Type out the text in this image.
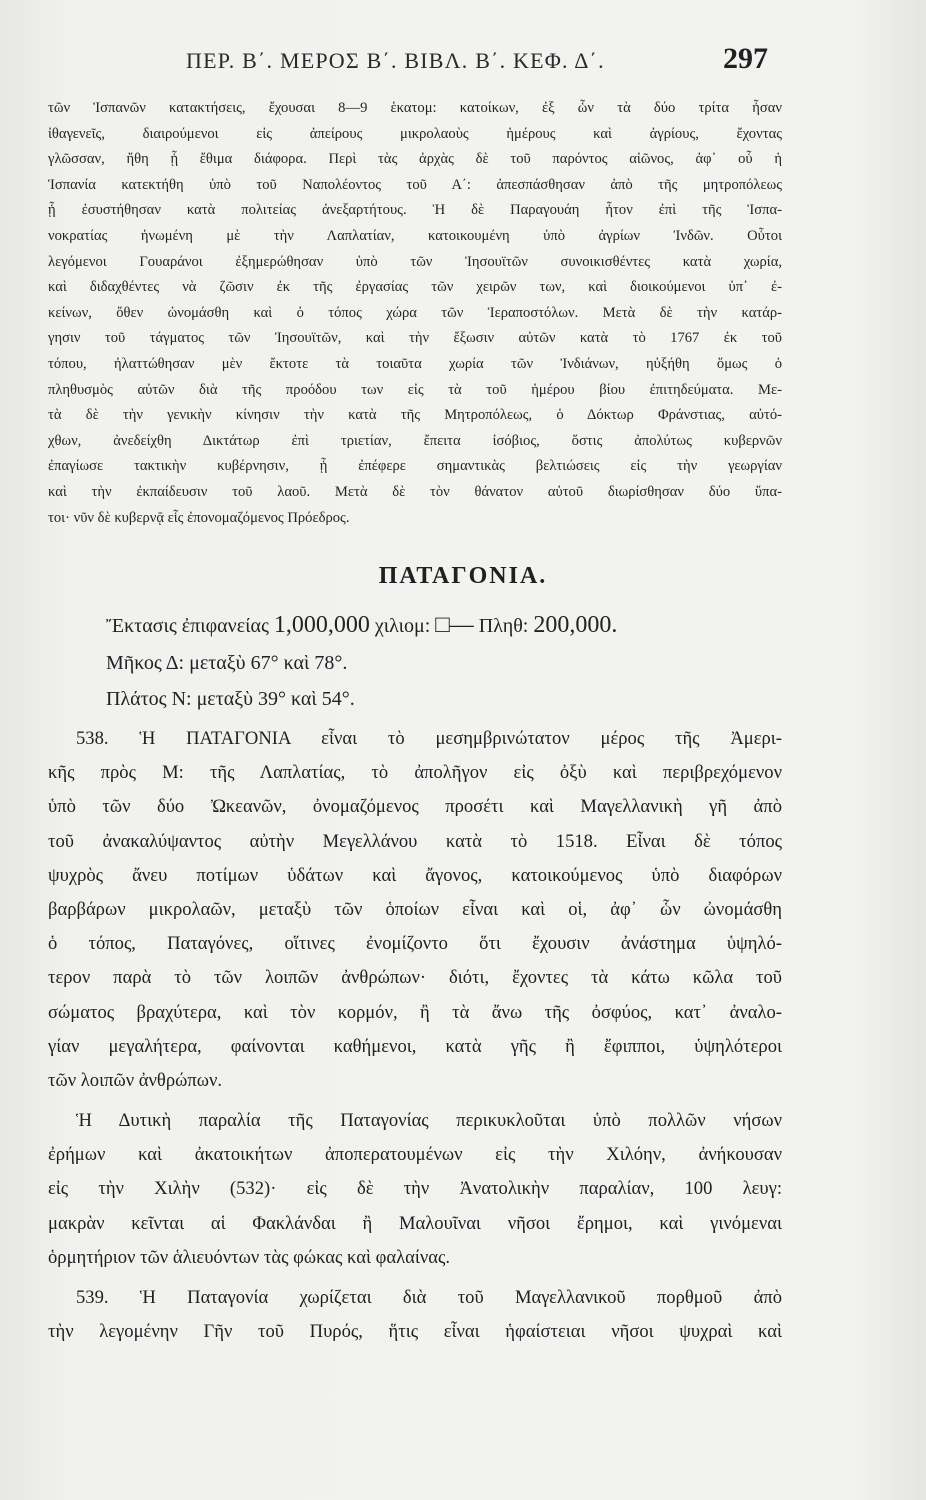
ΠΕΡ. Β΄. ΜΕΡΟΣ Β΄. ΒΙΒΛ. Β΄. ΚΕΦ. Δ΄.	297
τῶν Ἱσπανῶν κατακτήσεις, ἔχουσαι 8—9 ἑκατομ: κατοίκων, ἐξ ὧν τὰ δύο τρίτα ἦσαν
ἰθαγενεῖς, διαιρούμενοι εἰς ἀπείρους μικρολαοὺς ἡμέρους καὶ ἀγρίους, ἔχοντας
γλῶσσαν, ἤθη ᾗ ἔθιμα διάφορα. Περὶ τὰς ἀρχὰς δὲ τοῦ παρόντος αἰῶνος, ἀφ᾽ οὗ ἡ
Ἱσπανία κατεκτήθη ὑπὸ τοῦ Ναπολέοντος τοῦ Α΄: ἀπεσπάσθησαν ἀπὸ τῆς μητροπόλεως
ᾗ ἐσυστήθησαν κατὰ πολιτείας ἀνεξαρτήτους. Ἡ δὲ Παραγουάη ἦτον ἐπὶ τῆς Ἱσπα-
νοκρατίας ἡνωμένη μὲ τὴν Λαπλατίαν, κατοικουμένη ὑπὸ ἀγρίων Ἰνδῶν. Οὗτοι
λεγόμενοι Γουαράνοι ἐξημερώθησαν ὑπὸ τῶν Ἰησουϊτῶν συνοικισθέντες κατὰ χωρία,
καὶ διδαχθέντες νὰ ζῶσιν ἐκ τῆς ἐργασίας τῶν χειρῶν των, καὶ διοικούμενοι ὑπ᾽ ἐ-
κείνων, ὅθεν ὠνομάσθη καὶ ὁ τόπος χώρα τῶν Ἱεραποστόλων. Μετὰ δὲ τὴν κατάρ-
γησιν τοῦ τάγματος τῶν Ἰησουϊτῶν, καὶ τὴν ἔξωσιν αὐτῶν κατὰ τὸ 1767 ἐκ τοῦ
τόπου, ἠλαττώθησαν μὲν ἔκτοτε τὰ τοιαῦτα χωρία τῶν Ἰνδιάνων, ηὐξήθη ὅμως ὁ
πληθυσμὸς αὐτῶν διὰ τῆς προόδου των εἰς τὰ τοῦ ἡμέρου βίου ἐπιτηδεύματα. Με-
τὰ δὲ τὴν γενικὴν κίνησιν τὴν κατὰ τῆς Μητροπόλεως, ὁ Δόκτωρ Φράνστιας, αὐτό-
χθων, ἀνεδείχθη Δικτάτωρ ἐπὶ τριετίαν, ἔπειτα ἰσόβιος, ὅστις ἀπολύτως κυβερνῶν
ἐπαγίωσε τακτικὴν κυβέρνησιν, ᾗ ἐπέφερε σημαντικὰς βελτιώσεις εἰς τὴν γεωργίαν
καὶ τὴν ἐκπαίδευσιν τοῦ λαοῦ. Μετὰ δὲ τὸν θάνατον αὐτοῦ διωρίσθησαν δύο ὕπα-
τοι· νῦν δὲ κυβερνᾷ εἷς ἐπονομαζόμενος Πρόεδρος.
ΠΑΤΑΓΟΝΙΑ.
Ἔκτασις ἐπιφανείας 1,000,000 χιλιομ: □— Πληθ: 200,000.
Μῆκος Δ: μεταξὺ 67° καὶ 78°.
Πλάτος Ν: μεταξὺ 39° καὶ 54°.
538. Ἡ ΠΑΤΑΓΟΝΙΑ εἶναι τὸ μεσημβρινώτατον μέρος τῆς Ἀμερι-
κῆς πρὸς Μ: τῆς Λαπλατίας, τὸ ἀπολῆγον εἰς ὀξὺ καὶ περιβρεχόμενον
ὑπὸ τῶν δύο Ὠκεανῶν, ὀνομαζόμενος προσέτι καὶ Μαγελλανικὴ γῆ ἀπὸ
τοῦ ἀνακαλύψαντος αὐτὴν Μεγελλάνου κατὰ τὸ 1518. Εἶναι δὲ τόπος
ψυχρὸς ἄνευ ποτίμων ὑδάτων καὶ ἄγονος, κατοικούμενος ὑπὸ διαφόρων
βαρβάρων μικρολαῶν, μεταξὺ τῶν ὁποίων εἶναι καὶ οἱ, ἀφ᾽ ὧν ὠνομάσθη
ὁ τόπος, Παταγόνες, οἵτινες ἐνομίζοντο ὅτι ἔχουσιν ἀνάστημα ὑψηλό-
τερον παρὰ τὸ τῶν λοιπῶν ἀνθρώπων· διότι, ἔχοντες τὰ κάτω κῶλα τοῦ
σώματος βραχύτερα, καὶ τὸν κορμόν, ἢ τὰ ἄνω τῆς ὀσφύος, κατ᾽ ἀναλο-
γίαν μεγαλήτερα, φαίνονται καθήμενοι, κατὰ γῆς ἢ ἔφιπποι, ὑψηλότεροι
τῶν λοιπῶν ἀνθρώπων.
Ἡ Δυτικὴ παραλία τῆς Παταγονίας περικυκλοῦται ὑπὸ πολλῶν νήσων
ἐρήμων καὶ ἀκατοικήτων ἀποπερατουμένων εἰς τὴν Χιλόην, ἀνήκουσαν
εἰς τὴν Χιλὴν (532)· εἰς δὲ τὴν Ἀνατολικὴν παραλίαν, 100 λευγ:
μακρὰν κεῖνται αἱ Φακλάνδαι ἢ Μαλουῖναι νῆσοι ἔρημοι, καὶ γινόμεναι
ὁρμητήριον τῶν ἁλιευόντων τὰς φώκας καὶ φαλαίνας.
539. Ἡ Παταγονία χωρίζεται διὰ τοῦ Μαγελλανικοῦ πορθμοῦ ἀπὸ
τὴν λεγομένην Γῆν τοῦ Πυρός, ἥτις εἶναι ἡφαίστειαι νῆσοι ψυχραὶ καὶ
